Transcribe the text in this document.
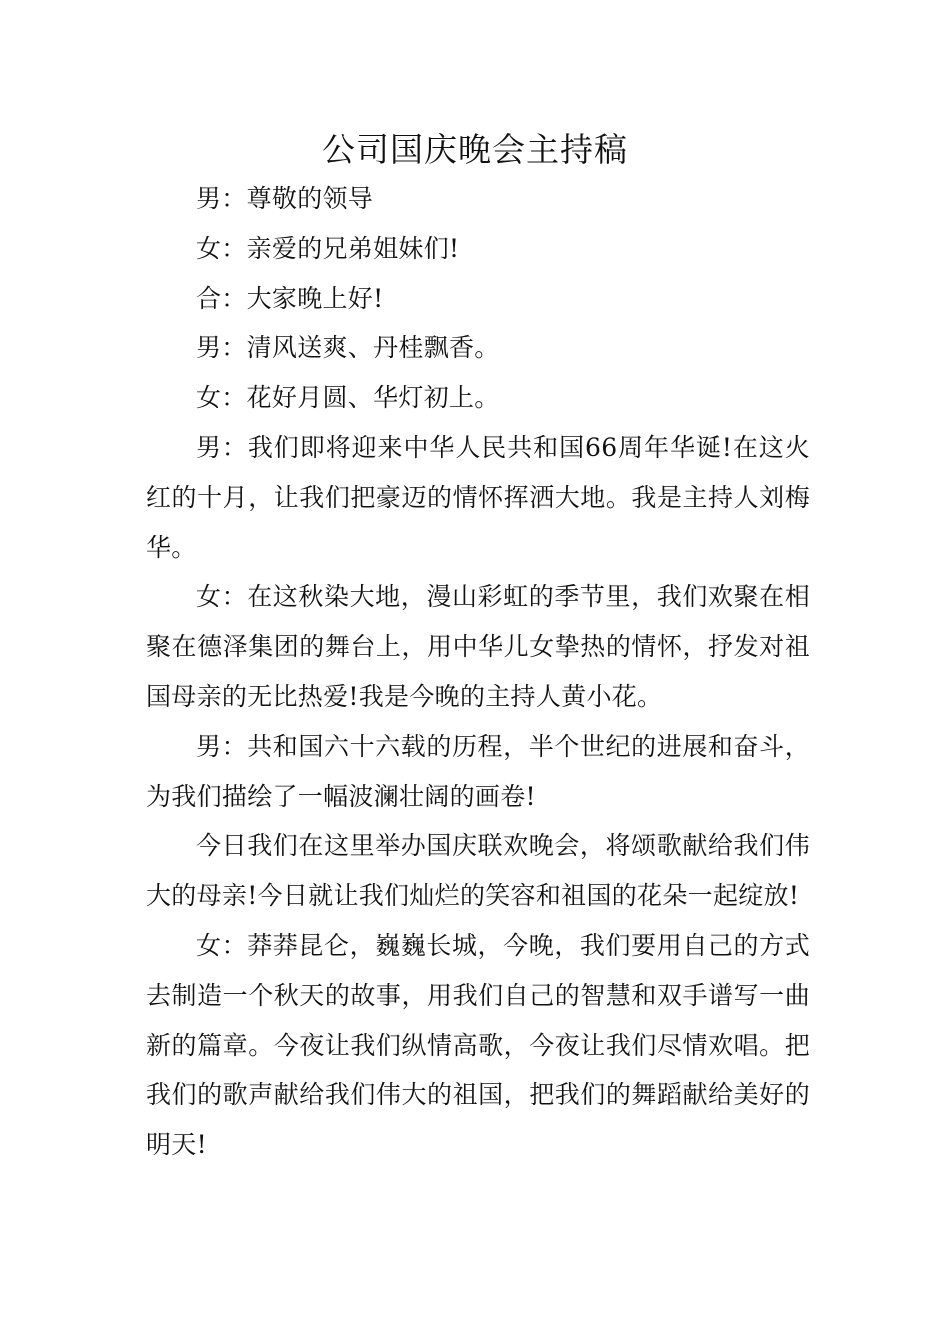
公司国庆晚会主持稿

男：尊敬的领导

女：亲爱的兄弟姐妹们!

合：大家晚上好!

男：清风送爽、丹桂飘香。

女：花好月圆、华灯初上。

男：我们即将迎来中华人民共和国66周年华诞!在这火红的十月，让我们把豪迈的情怀挥洒大地。我是主持人刘梅华。

女：在这秋染大地，漫山彩虹的季节里，我们欢聚在相聚在德泽集团的舞台上，用中华儿女挚热的情怀，抒发对祖国母亲的无比热爱!我是今晚的主持人黄小花。

男：共和国六十六载的历程，半个世纪的进展和奋斗，为我们描绘了一幅波澜壮阔的画卷!

今日我们在这里举办国庆联欢晚会，将颂歌献给我们伟大的母亲!今日就让我们灿烂的笑容和祖国的花朵一起绽放!

女：莽莽昆仑，巍巍长城，今晚，我们要用自己的方式去制造一个秋天的故事，用我们自己的智慧和双手谱写一曲新的篇章。今夜让我们纵情高歌，今夜让我们尽情欢唱。把我们的歌声献给我们伟大的祖国，把我们的舞蹈献给美好的明天!
